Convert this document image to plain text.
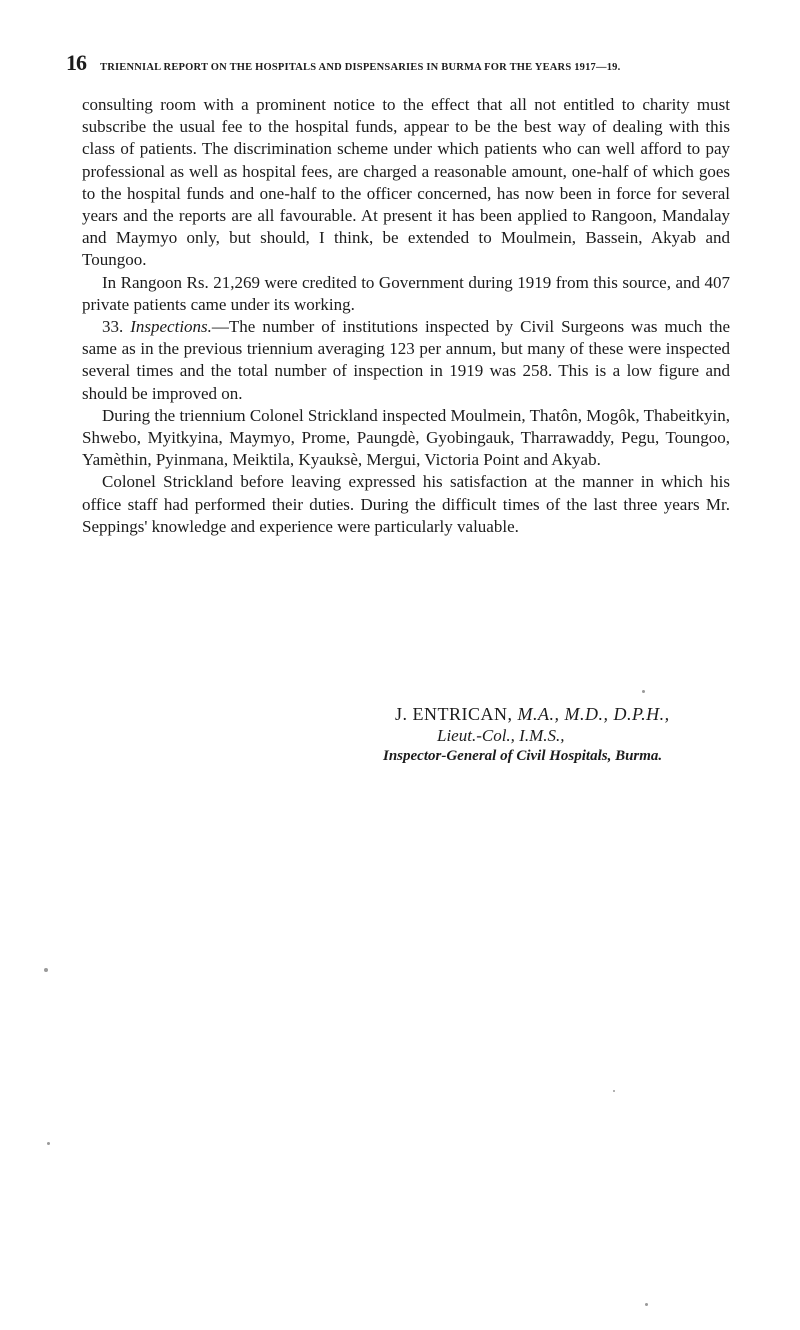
16 TRIENNIAL REPORT ON THE HOSPITALS AND DISPENSARIES IN BURMA FOR THE YEARS 1917—19.

consulting room with a prominent notice to the effect that all not entitled to charity must subscribe the usual fee to the hospital funds, appear to be the best way of dealing with this class of patients. The discrimination scheme under which patients who can well afford to pay professional as well as hospital fees, are charged a reasonable amount, one-half of which goes to the hospital funds and one-half to the officer concerned, has now been in force for several years and the reports are all favourable. At present it has been applied to Rangoon, Mandalay and Maymyo only, but should, I think, be extended to Moulmein, Bassein, Akyab and Toungoo.

In Rangoon Rs. 21,269 were credited to Government during 1919 from this source, and 407 private patients came under its working.

33. Inspections.—The number of institutions inspected by Civil Surgeons was much the same as in the previous triennium averaging 123 per annum, but many of these were inspected several times and the total number of inspection in 1919 was 258. This is a low figure and should be improved on.

During the triennium Colonel Strickland inspected Moulmein, Thatôn, Mogôk, Thabeitkyin, Shwebo, Myitkyina, Maymyo, Prome, Paungdè, Gyobingauk, Tharrawaddy, Pegu, Toungoo, Yamèthin, Pyinmana, Meiktila, Kyauksè, Mergui, Victoria Point and Akyab.

Colonel Strickland before leaving expressed his satisfaction at the manner in which his office staff had performed their duties. During the difficult times of the last three years Mr. Seppings' knowledge and experience were particularly valuable.

J. ENTRICAN, M.A., M.D., D.P.H.,
Lieut.-Col., I.M.S.,
Inspector-General of Civil Hospitals, Burma.
